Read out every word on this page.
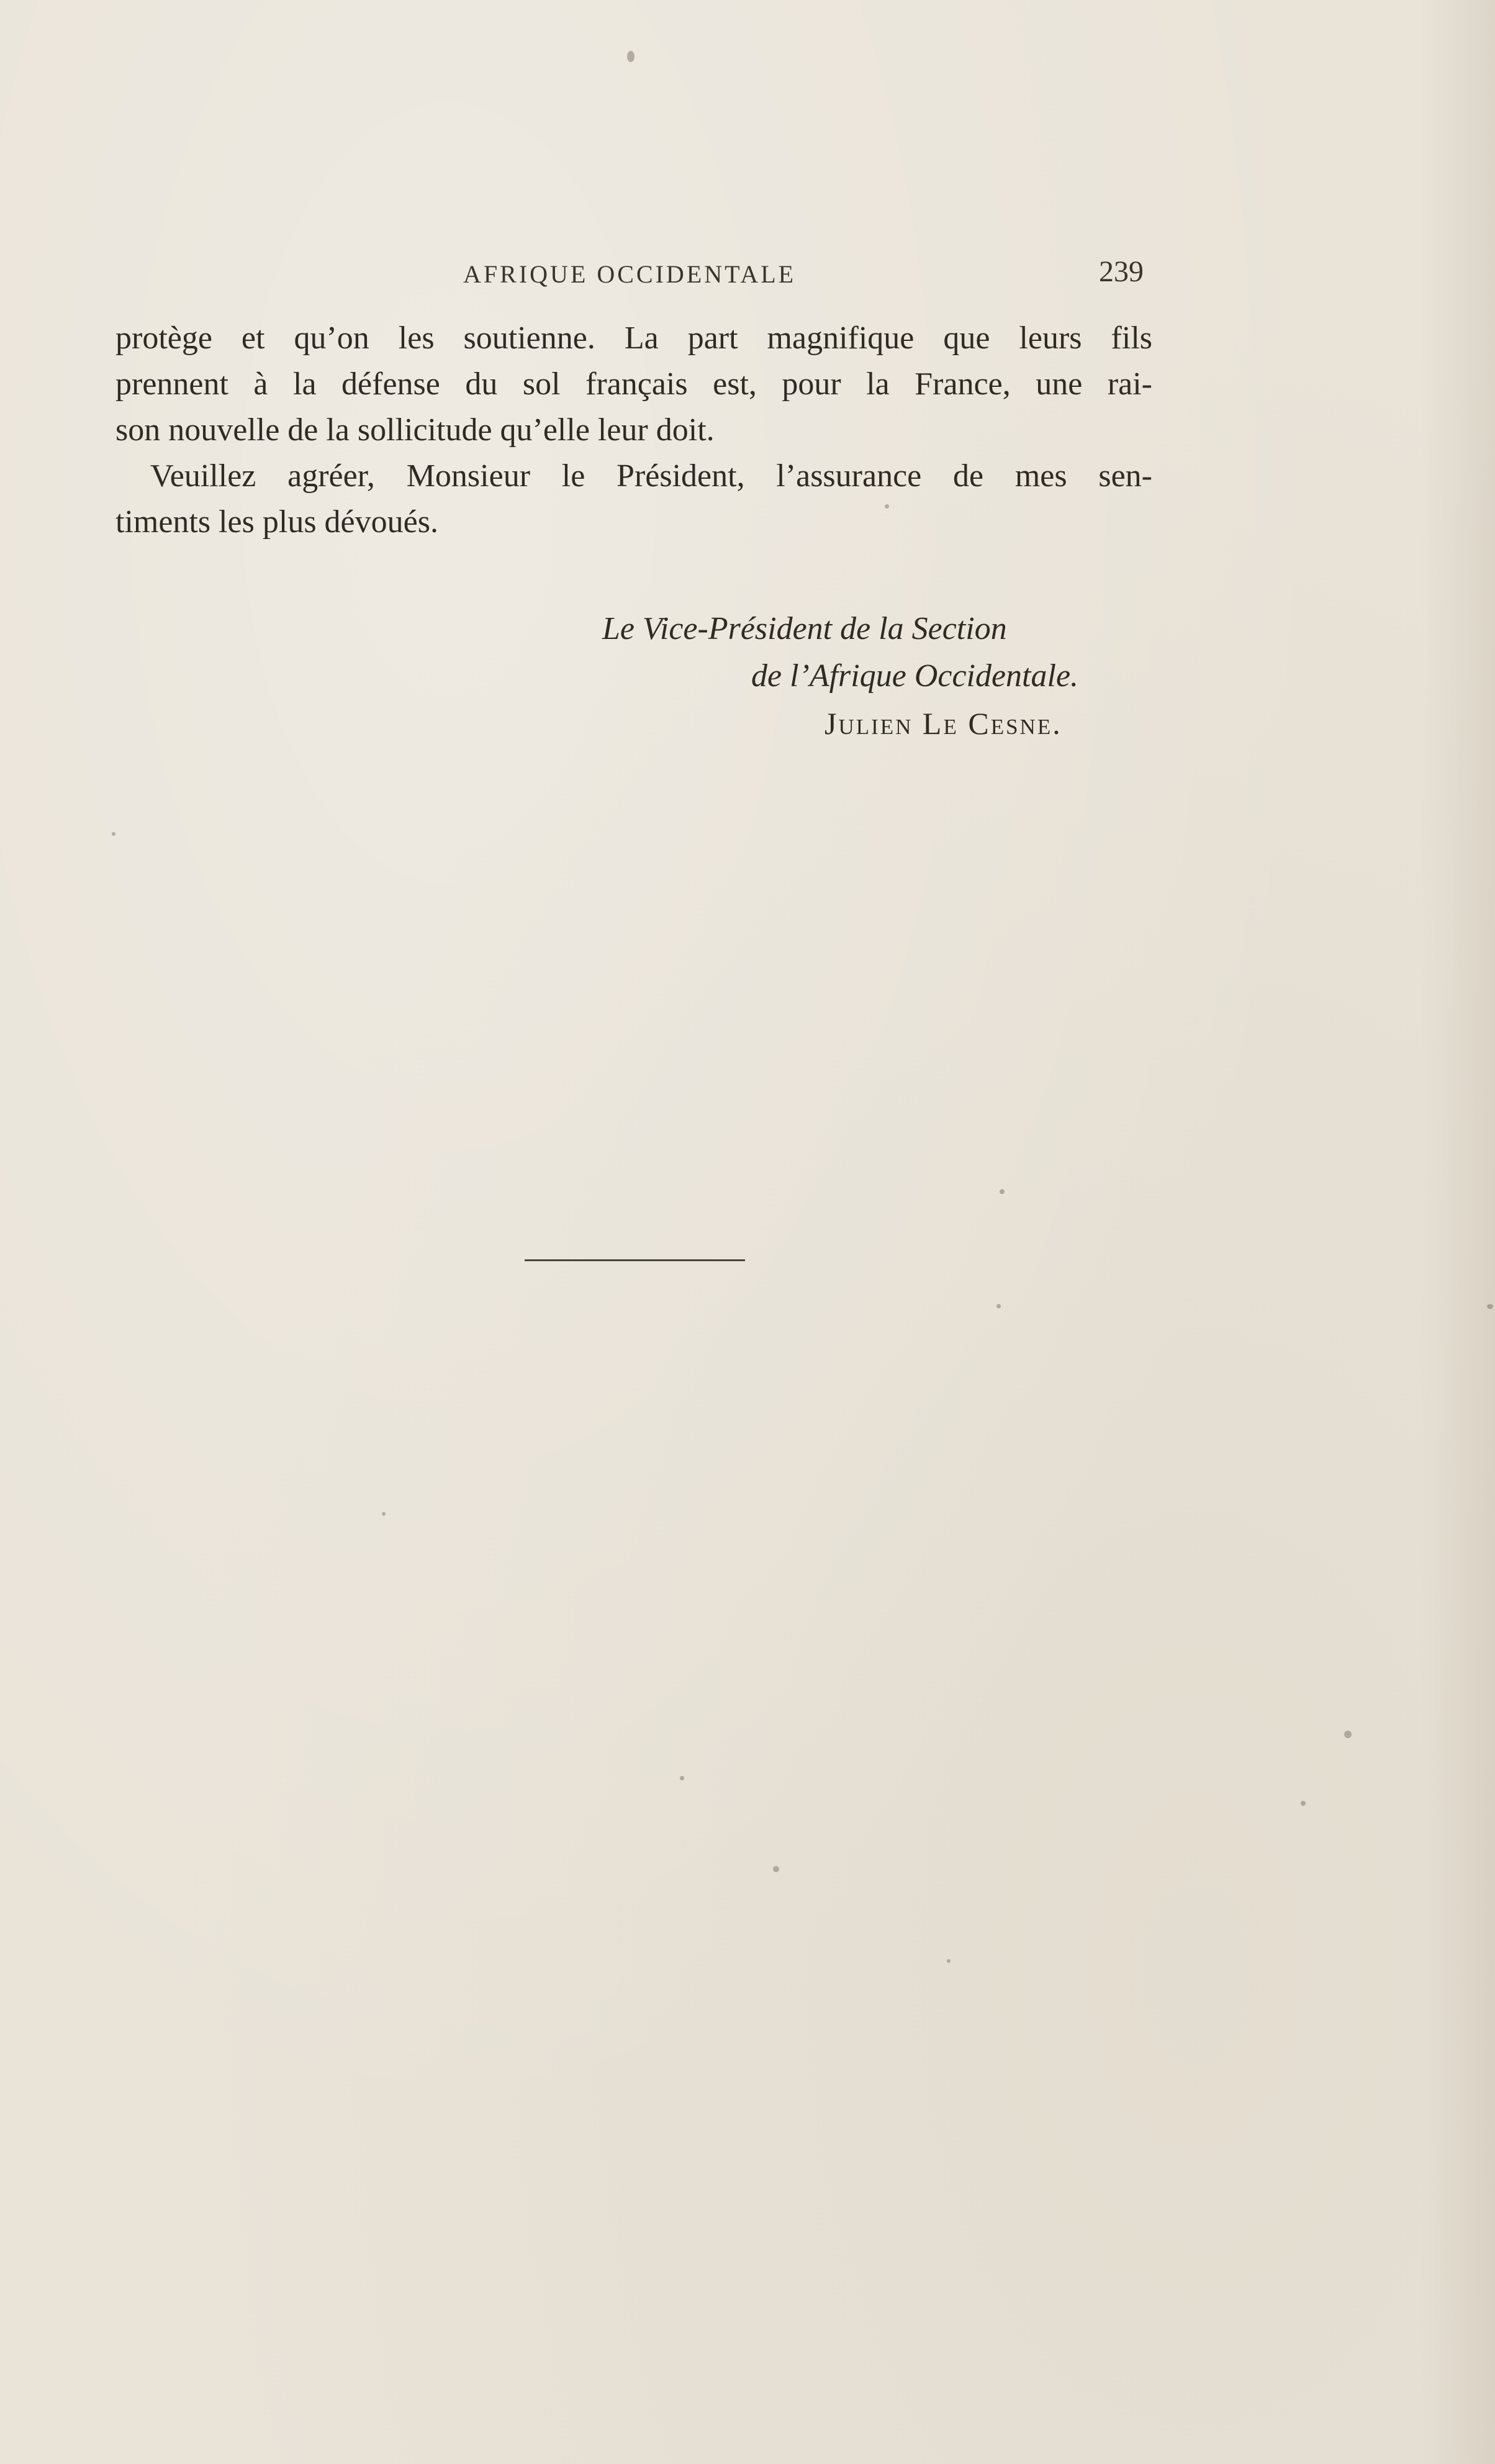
AFRIQUE OCCIDENTALE	239

protège et qu’on les soutienne. La part magnifique que leurs fils
prennent à la défense du sol français est, pour la France, une rai-
son nouvelle de la sollicitude qu’elle leur doit.

Veuillez agréer, Monsieur le Président, l’assurance de mes sen-
timents les plus dévoués.

Le Vice-Président de la Section
de l’Afrique Occidentale.
Julien Le Cesne.
